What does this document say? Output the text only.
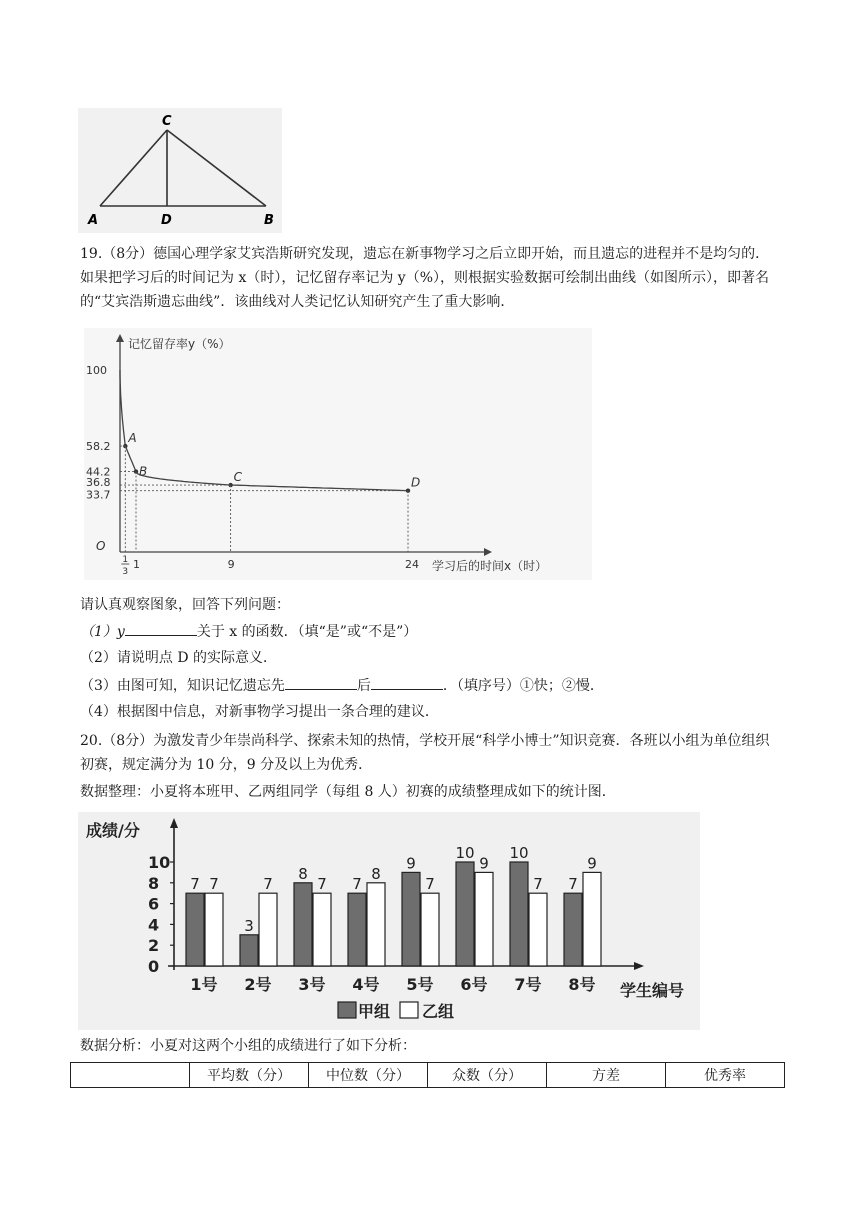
C
A	D	B
19.（8分）德国心理学家艾宾浩斯研究发现，遗忘在新事物学习之后立即开始，而且遗忘的进程并不是均匀的．如果把学习后的时间记为 x（时），记忆留存率记为 y（%），则根据实验数据可绘制出曲线（如图所示），即著名的“艾宾浩斯遗忘曲线”．该曲线对人类记忆认知研究产生了重大影响．
记忆留存率y（%）
学习后的时间x（时）
O
A
B	C	D
100
58.2
44.2
36.8
33.7
1	9	24
1
3
请认真观察图象，回答下列问题：
（1）y	关于 x 的函数．（填“是”或“不是”）
（2）请说明点 D 的实际意义．
（3）由图可知，知识记忆遗忘先	后	．（填序号）①快；②慢．
（4）根据图中信息，对新事物学习提出一条合理的建议．
20.（8分）为激发青少年崇尚科学、探索未知的热情，学校开展“科学小博士”知识竞赛．各班以小组为单位组织初赛，规定满分为 10 分，9 分及以上为优秀．
数据整理：小夏将本班甲、乙两组同学（每组 8 人）初赛的成绩整理成如下的统计图．
成绩/分
学生编号
甲组 乙组
0
2
4
6
8
10
7 7
1号
3
7
2号
8
7
3号
7
8
4号
9
7
5号
10
9
6号
10
7
7号
7
9
8号
数据分析：小夏对这两个小组的成绩进行了如下分析：
	平均数（分）	中位数（分）	众数（分）	方差	优秀率
